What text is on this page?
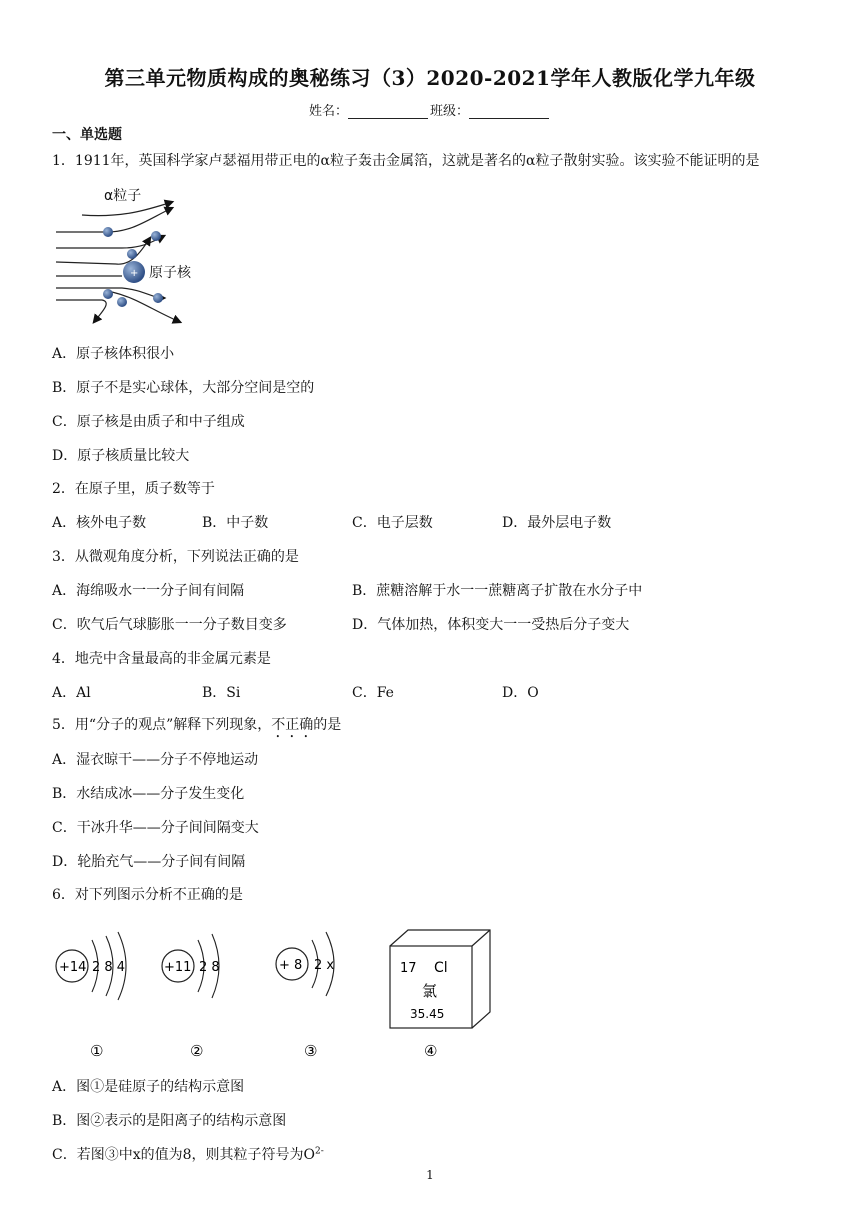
第三单元物质构成的奥秘练习（3）2020-2021学年人教版化学九年级
姓名：	班级：
一、单选题
1．1911年，英国科学家卢瑟福用带正电的α粒子轰击金属箔，这就是著名的α粒子散射实验。该实验不能证明的是
α粒子
+ 原子核
A．原子核体积很小
B．原子不是实心球体，大部分空间是空的
C．原子核是由质子和中子组成
D．原子核质量比较大
2．在原子里，质子数等于
A．核外电子数	B．中子数	C．电子层数	D．最外层电子数
3．从微观角度分析，下列说法正确的是
A．海绵吸水一一分子间有间隔	B．蔗糖溶解于水一一蔗糖离子扩散在水分子中
C．吹气后气球膨胀一一分子数目变多	D．气体加热，体积变大一一受热后分子变大
4．地壳中含量最高的非金属元素是
A．Al	B．Si	C．Fe	D．O
5．用“分子的观点”解释下列现象，不正确的是
A．湿衣晾干——分子不停地运动
B．水结成冰——分子发生变化
C．干冰升华——分子间间隔变大
D．轮胎充气——分子间有间隔
6．对下列图示分析不正确的是
+14 2 8 4
①
+11 2 8
②
+ 8 2 x
③
17 Cl
氯
35.45
④
A．图①是硅原子的结构示意图
B．图②表示的是阳离子的结构示意图
C．若图③中x的值为8，则其粒子符号为$O^{2-}$
1
